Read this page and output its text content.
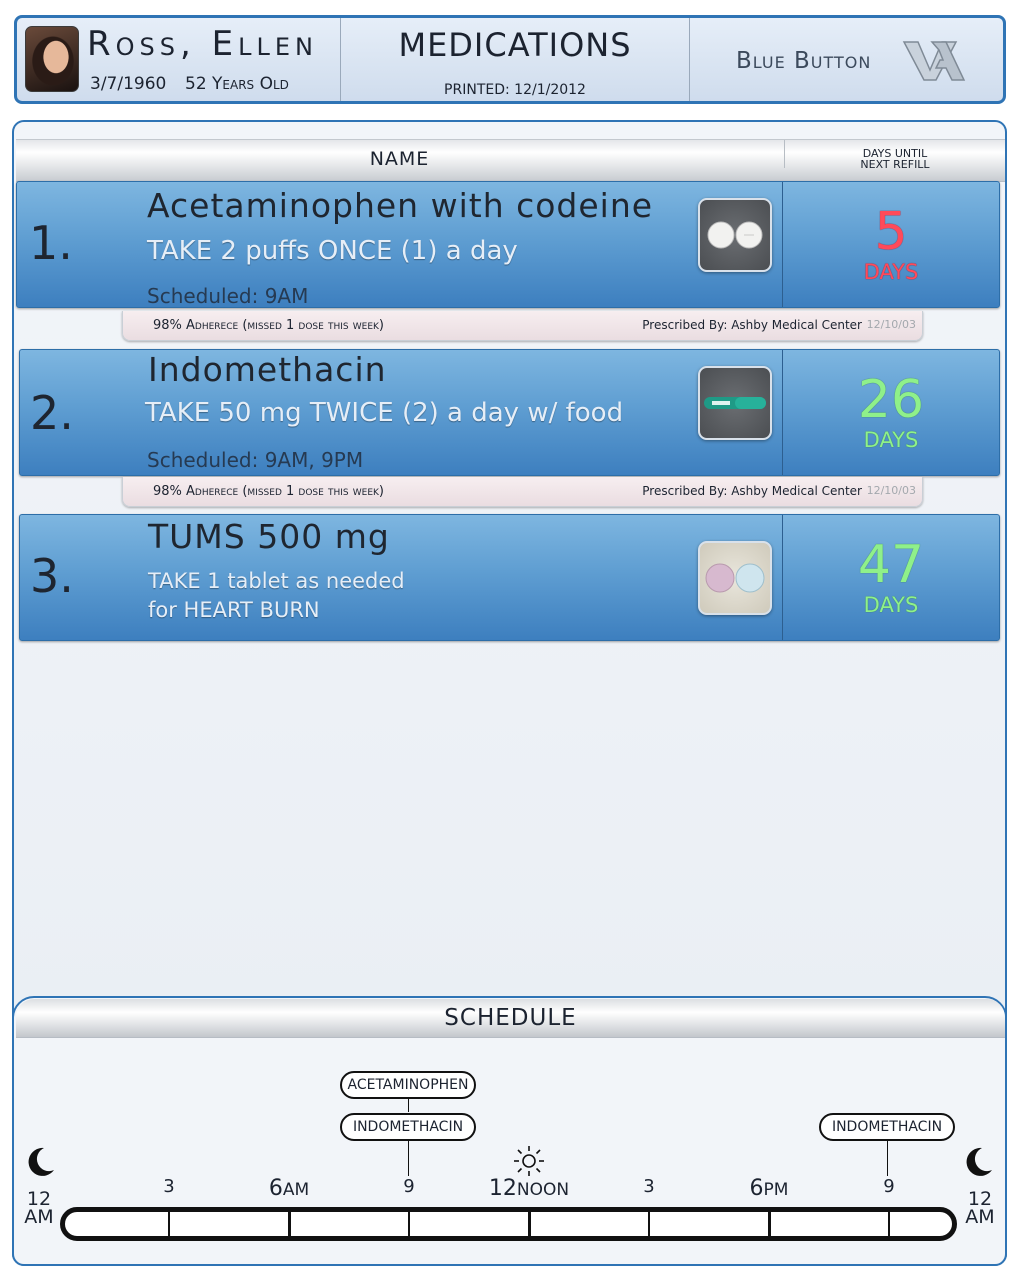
Ross, Ellen
3/7/1960 52 Years Old
MEDICATIONS
PRINTED: 12/1/2012
Blue Button
NAME	DAYS UNTIL
NEXT REFILL
1.
Acetaminophen with codeine
TAKE 2 puffs ONCE (1) a day
Scheduled: 9AM
5
DAYS
98% Adherece (missed 1 dose this week)	Prescribed By: Ashby Medical Center 12/10/03
2.
Indomethacin
TAKE 50 mg TWICE (2) a day w/ food
Scheduled: 9AM, 9PM
26
DAYS
98% Adherece (missed 1 dose this week)	Prescribed By: Ashby Medical Center 12/10/03
3.
TUMS 500 mg
TAKE 1 tablet as needed
for HEART BURN
47
DAYS
SCHEDULE
12
AM
12
AM
3	6AM	9	12NOON	3	6PM	9
ACETAMINOPHEN
INDOMETHACIN	INDOMETHACIN
